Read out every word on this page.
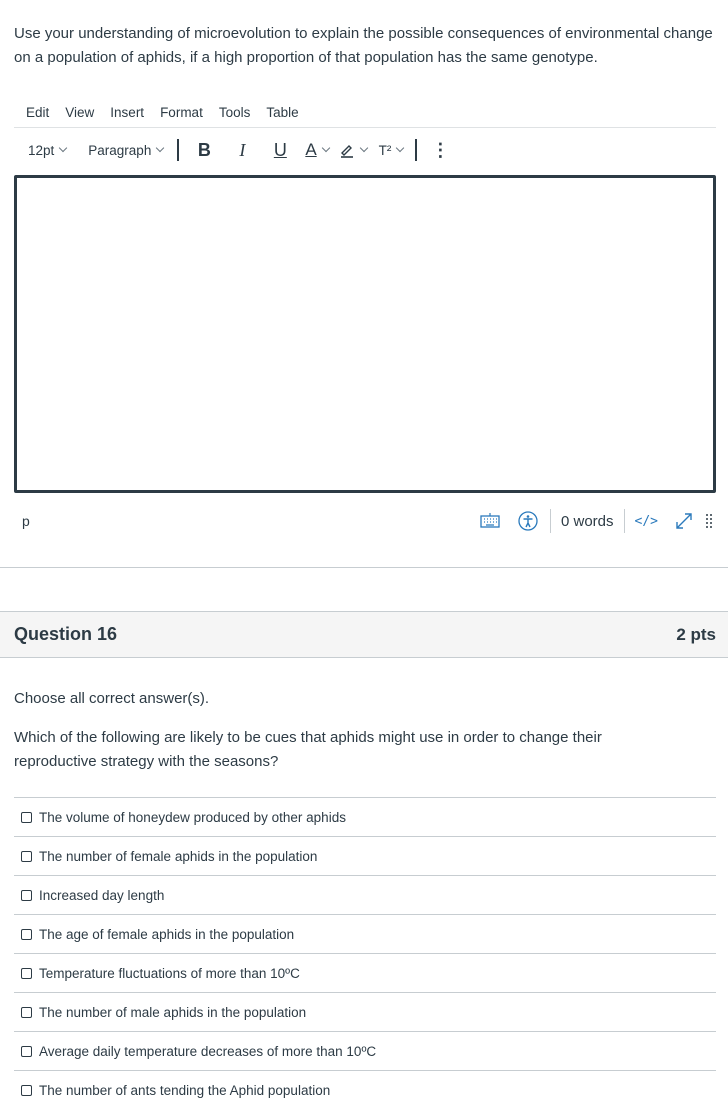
Use your understanding of microevolution to explain the possible consequences of environmental change on a population of aphids, if a high proportion of that population has the same genotype.
Edit View Insert Format Tools Table
12pt	Paragraph	B	I	U	A	T² ⋮
p	0 words </>
Question 16	2 pts
Choose all correct answer(s).
Which of the following are likely to be cues that aphids might use in order to change their reproductive strategy with the seasons?
The volume of honeydew produced by other aphids
The number of female aphids in the population
Increased day length
The age of female aphids in the population
Temperature fluctuations of more than 10ºC
The number of male aphids in the population
Average daily temperature decreases of more than 10ºC
The number of ants tending the Aphid population
